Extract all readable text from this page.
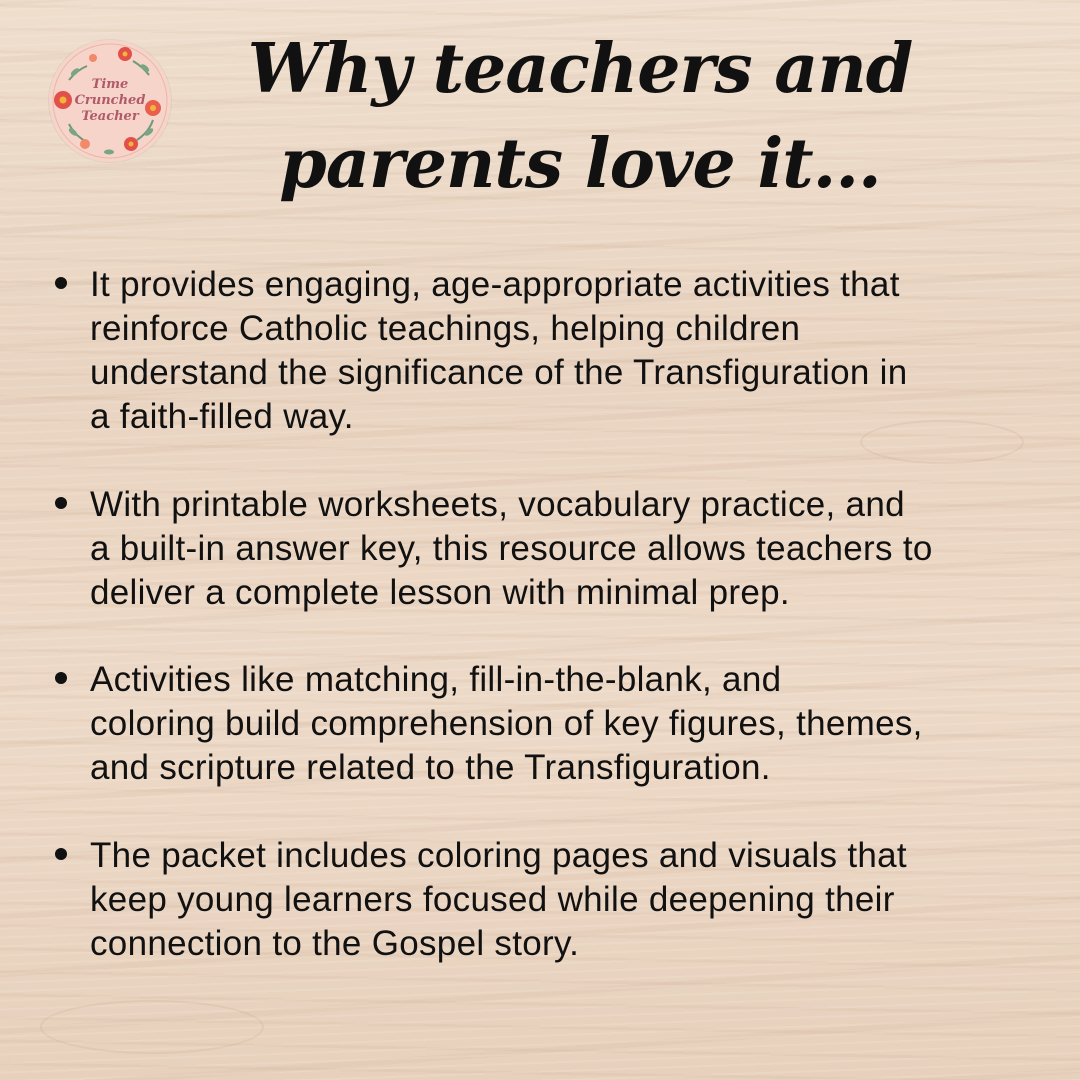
Time
Crunched
Teacher
Why teachers and
parents love it...
It provides engaging, age-appropriate activities that
reinforce Catholic teachings, helping children
understand the significance of the Transfiguration in
a faith-filled way.
With printable worksheets, vocabulary practice, and
a built-in answer key, this resource allows teachers to
deliver a complete lesson with minimal prep.
Activities like matching, fill-in-the-blank, and
coloring build comprehension of key figures, themes,
and scripture related to the Transfiguration.
The packet includes coloring pages and visuals that
keep young learners focused while deepening their
connection to the Gospel story.
